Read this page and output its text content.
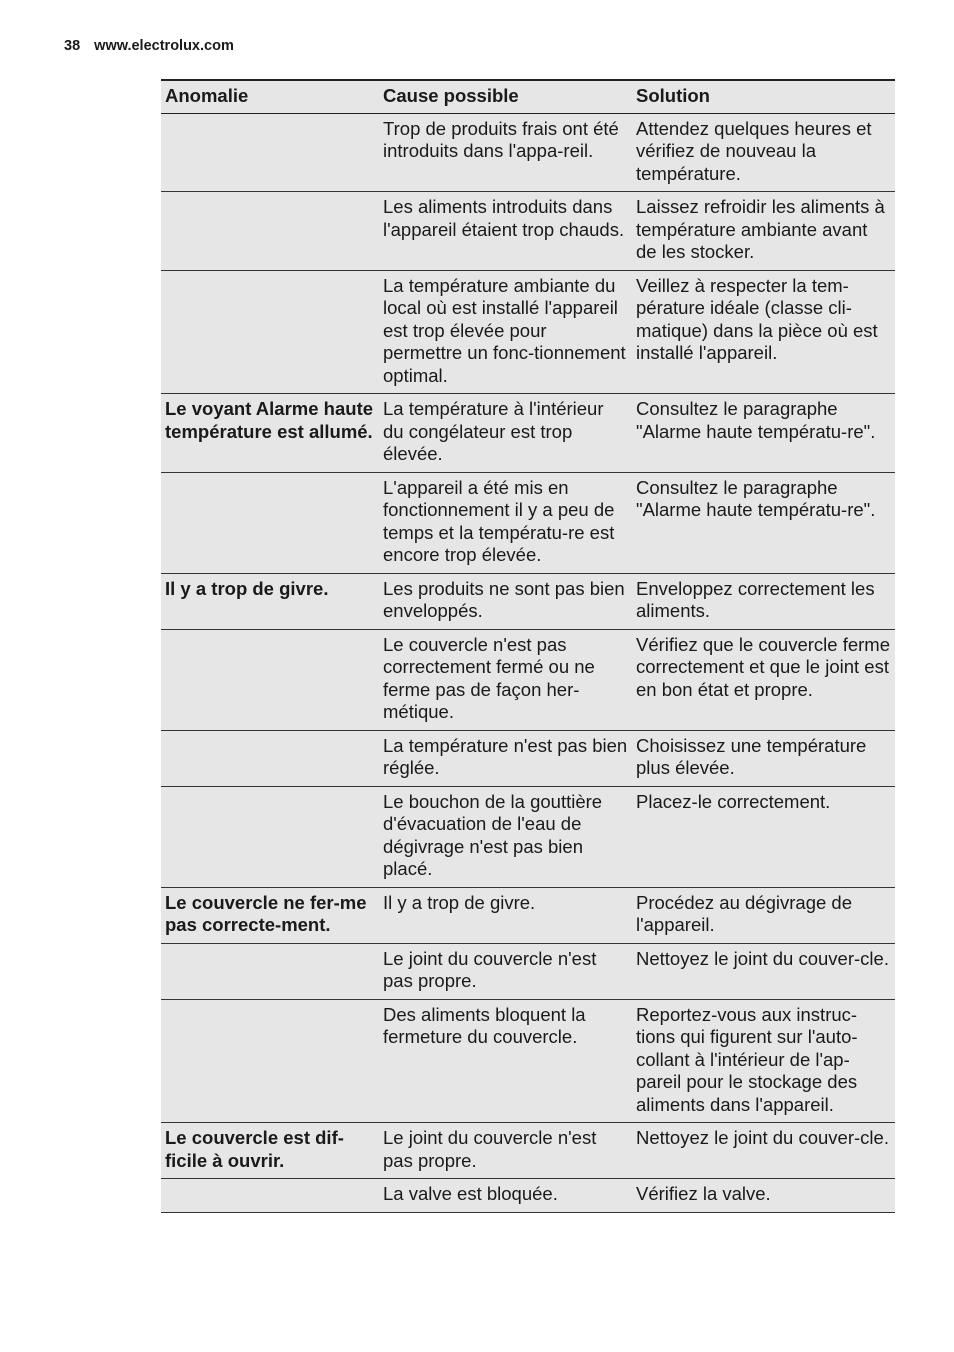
38 www.electrolux.com
Anomalie	Cause possible	Solution
	Trop de produits frais ont été introduits dans l'appa-reil.	Attendez quelques heures et vérifiez de nouveau la température.
	Les aliments introduits dans l'appareil étaient trop chauds.	Laissez refroidir les aliments à température ambiante avant de les stocker.
	La température ambiante du local où est installé l'appareil est trop élevée pour permettre un fonc-tionnement optimal.	Veillez à respecter la tem-pérature idéale (classe cli-matique) dans la pièce où est installé l'appareil.
Le voyant Alarme haute température est allumé.	La température à l'intérieur du congélateur est trop élevée.	Consultez le paragraphe "Alarme haute températu-re".
	L'appareil a été mis en fonctionnement il y a peu de temps et la températu-re est encore trop élevée.	Consultez le paragraphe "Alarme haute températu-re".
Il y a trop de givre.	Les produits ne sont pas bien enveloppés.	Enveloppez correctement les aliments.
	Le couvercle n'est pas correctement fermé ou ne ferme pas de façon her-métique.	Vérifiez que le couvercle ferme correctement et que le joint est en bon état et propre.
	La température n'est pas bien réglée.	Choisissez une température plus élevée.
	Le bouchon de la gouttière d'évacuation de l'eau de dégivrage n'est pas bien placé.	Placez-le correctement.
Le couvercle ne fer-me pas correcte-ment.	Il y a trop de givre.	Procédez au dégivrage de l'appareil.
	Le joint du couvercle n'est pas propre.	Nettoyez le joint du couver-cle.
	Des aliments bloquent la fermeture du couvercle.	Reportez-vous aux instruc-tions qui figurent sur l'auto-collant à l'intérieur de l'ap-pareil pour le stockage des aliments dans l'appareil.
Le couvercle est dif-ficile à ouvrir.	Le joint du couvercle n'est pas propre.	Nettoyez le joint du couver-cle.
	La valve est bloquée.	Vérifiez la valve.
